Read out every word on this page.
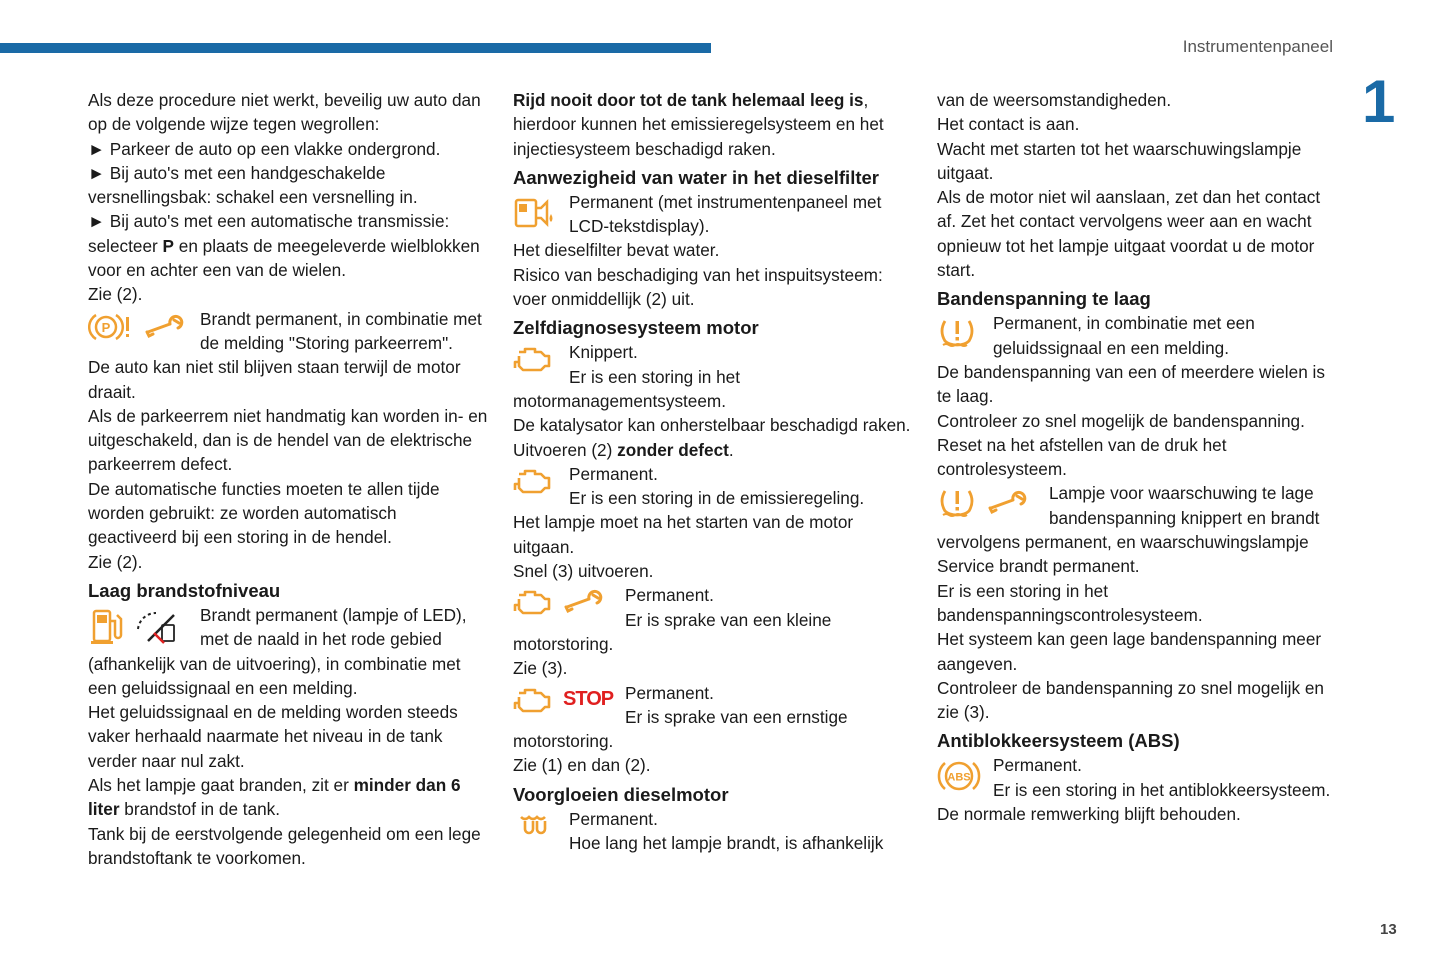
Instrumentenpaneel
1
13

Als deze procedure niet werkt, beveilig uw auto dan op de volgende wijze tegen wegrollen:

► Parkeer de auto op een vlakke ondergrond.

► Bij auto's met een handgeschakelde versnellingsbak: schakel een versnelling in.

► Bij auto's met een automatische transmissie: selecteer P en plaats de meegeleverde wielblokken voor en achter een van de wielen.

Zie (2).

P	Brandt permanent, in combinatie met de melding "Storing parkeerrem".

De auto kan niet stil blijven staan terwijl de motor draait.

Als de parkeerrem niet handmatig kan worden in- en uitgeschakeld, dan is de hendel van de elektrische parkeerrem defect.

De automatische functies moeten te allen tijde worden gebruikt: ze worden automatisch geactiveerd bij een storing in de hendel.

Zie (2).

Laag brandstofniveau

Brandt permanent (lampje of LED), met de naald in het rode gebied (afhankelijk van de uitvoering), in combinatie met een geluidssignaal en een melding.

Het geluidssignaal en de melding worden steeds vaker herhaald naarmate het niveau in de tank verder naar nul zakt.

Als het lampje gaat branden, zit er minder dan 6 liter brandstof in de tank.

Tank bij de eerstvolgende gelegenheid om een lege brandstoftank te voorkomen.

Rijd nooit door tot de tank helemaal leeg is, hierdoor kunnen het emissieregelsysteem en het injectiesysteem beschadigd raken.

Aanwezigheid van water in het dieselfilter

Permanent (met instrumentenpaneel met LCD-tekstdisplay).

Het dieselfilter bevat water.

Risico van beschadiging van het inspuitsysteem: voer onmiddellijk (2) uit.

Zelfdiagnosesysteem motor

Knippert.

Er is een storing in het motormanagementsysteem.

De katalysator kan onherstelbaar beschadigd raken.

Uitvoeren (2) zonder defect.

Permanent.

Er is een storing in de emissieregeling.

Het lampje moet na het starten van de motor uitgaan.

Snel (3) uitvoeren.

Permanent.

Er is sprake van een kleine motorstoring.

Zie (3).

STOP Permanent.

Er is sprake van een ernstige motorstoring.

Zie (1) en dan (2).

Voorgloeien dieselmotor

Permanent.

Hoe lang het lampje brandt, is afhankelijk

van de weersomstandigheden.

Het contact is aan.

Wacht met starten tot het waarschuwingslampje uitgaat.

Als de motor niet wil aanslaan, zet dan het contact af. Zet het contact vervolgens weer aan en wacht opnieuw tot het lampje uitgaat voordat u de motor start.

Bandenspanning te laag

Permanent, in combinatie met een geluidssignaal en een melding.

De bandenspanning van een of meerdere wielen is te laag.

Controleer zo snel mogelijk de bandenspanning.

Reset na het afstellen van de druk het controlesysteem.

Lampje voor waarschuwing te lage bandenspanning knippert en brandt vervolgens permanent, en waarschuwingslampje Service brandt permanent.

Er is een storing in het bandenspanningscontrolesysteem.

Het systeem kan geen lage bandenspanning meer aangeven.

Controleer de bandenspanning zo snel mogelijk en zie (3).

Antiblokkeersysteem (ABS)

ABS

Permanent.

Er is een storing in het antiblokkeersysteem.

De normale remwerking blijft behouden.
